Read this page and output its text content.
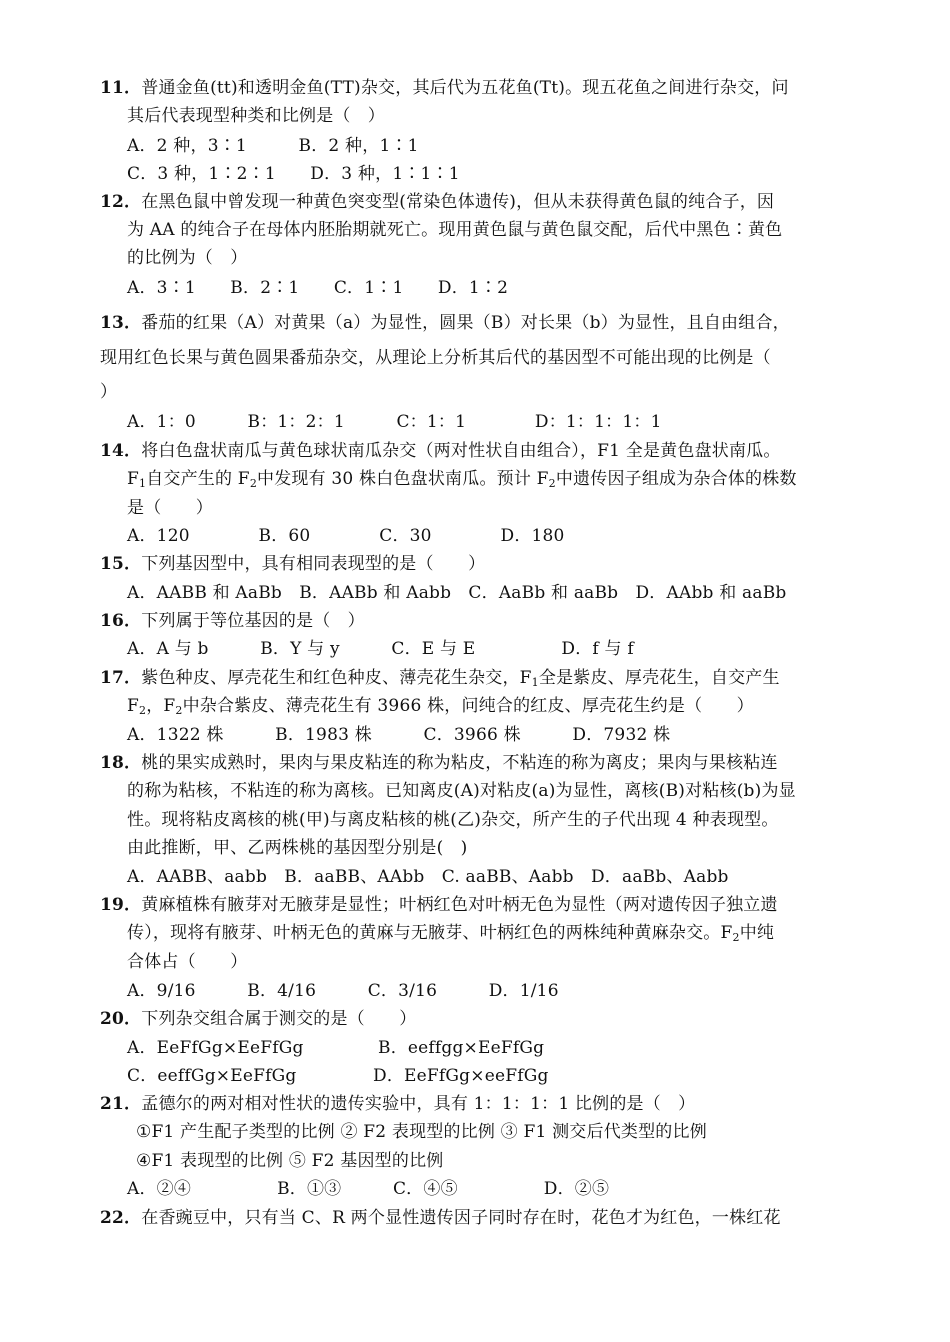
11．普通金鱼(tt)和透明金鱼(TT)杂交，其后代为五花鱼(Tt)。现五花鱼之间进行杂交，问
其后代表现型种类和比例是（　）
A．2 种，3∶1　　　B．2 种，1∶1
C．3 种，1∶2∶1　　D．3 种，1∶1∶1
12．在黑色鼠中曾发现一种黄色突变型(常染色体遗传)，但从未获得黄色鼠的纯合子，因
为 AA 的纯合子在母体内胚胎期就死亡。现用黄色鼠与黄色鼠交配，后代中黑色∶黄色
的比例为（　）
A．3∶1　　B．2∶1　　C．1∶1　　D．1∶2
13．番茄的红果（A）对黄果（a）为显性，圆果（B）对长果（b）为显性，且自由组合，
现用红色长果与黄色圆果番茄杂交，从理论上分析其后代的基因型不可能出现的比例是（
）
A．1：0　　　B：1：2：1　　　C：1：1　　　　D：1：1：1：1
14．将白色盘状南瓜与黄色球状南瓜杂交（两对性状自由组合），F1 全是黄色盘状南瓜。
$F_1$自交产生的 $F_2$中发现有 30 株白色盘状南瓜。预计 $F_2$中遗传因子组成为杂合体的株数
是（　　）
A．120　　　　B．60　　　　C．30　　　　D．180
15．下列基因型中，具有相同表现型的是（　　）
A．AABB 和 AaBb　B．AABb 和 Aabb　C．AaBb 和 aaBb　D．AAbb 和 aaBb
16．下列属于等位基因的是（　）
A．A 与 b　　　B．Y 与 y　　　C．E 与 E　　　　　D．f 与 f
17．紫色种皮、厚壳花生和红色种皮、薄壳花生杂交，$F_1$全是紫皮、厚壳花生，自交产生
$F_2$，$F_2$中杂合紫皮、薄壳花生有 3966 株，问纯合的红皮、厚壳花生约是（　　）
A．1322 株　　　B．1983 株　　　C．3966 株　　　D．7932 株
18．桃的果实成熟时，果肉与果皮粘连的称为粘皮，不粘连的称为离皮；果肉与果核粘连
的称为粘核，不粘连的称为离核。已知离皮(A)对粘皮(a)为显性，离核(B)对粘核(b)为显
性。现将粘皮离核的桃(甲)与离皮粘核的桃(乙)杂交，所产生的子代出现 4 种表现型。
由此推断，甲、乙两株桃的基因型分别是(　)
A．AABB、aabb　B．aaBB、AAbb　C. aaBB、Aabb　D．aaBb、Aabb
19．黄麻植株有腋芽对无腋芽是显性；叶柄红色对叶柄无色为显性（两对遗传因子独立遗
传），现将有腋芽、叶柄无色的黄麻与无腋芽、叶柄红色的两株纯种黄麻杂交。$F_2$中纯
合体占（　　）
A．9/16　　　B．4/16　　　C．3/16　　　D．1/16
20．下列杂交组合属于测交的是（　　）
A．EeFfGg×EeFfGg	B．eeffgg×EeFfGg
C．eeffGg×EeFfGg	D．EeFfGg×eeFfGg
21．孟德尔的两对相对性状的遗传实验中，具有 1：1：1：1 比例的是（　）
①F1 产生配子类型的比例 ② F2 表现型的比例 ③ F1 测交后代类型的比例
④F1 表现型的比例 ⑤ F2 基因型的比例
A．②④　　　　　B．①③　　　C．④⑤　　　　　D．②⑤
22．在香豌豆中，只有当 C、R 两个显性遗传因子同时存在时，花色才为红色，一株红花
